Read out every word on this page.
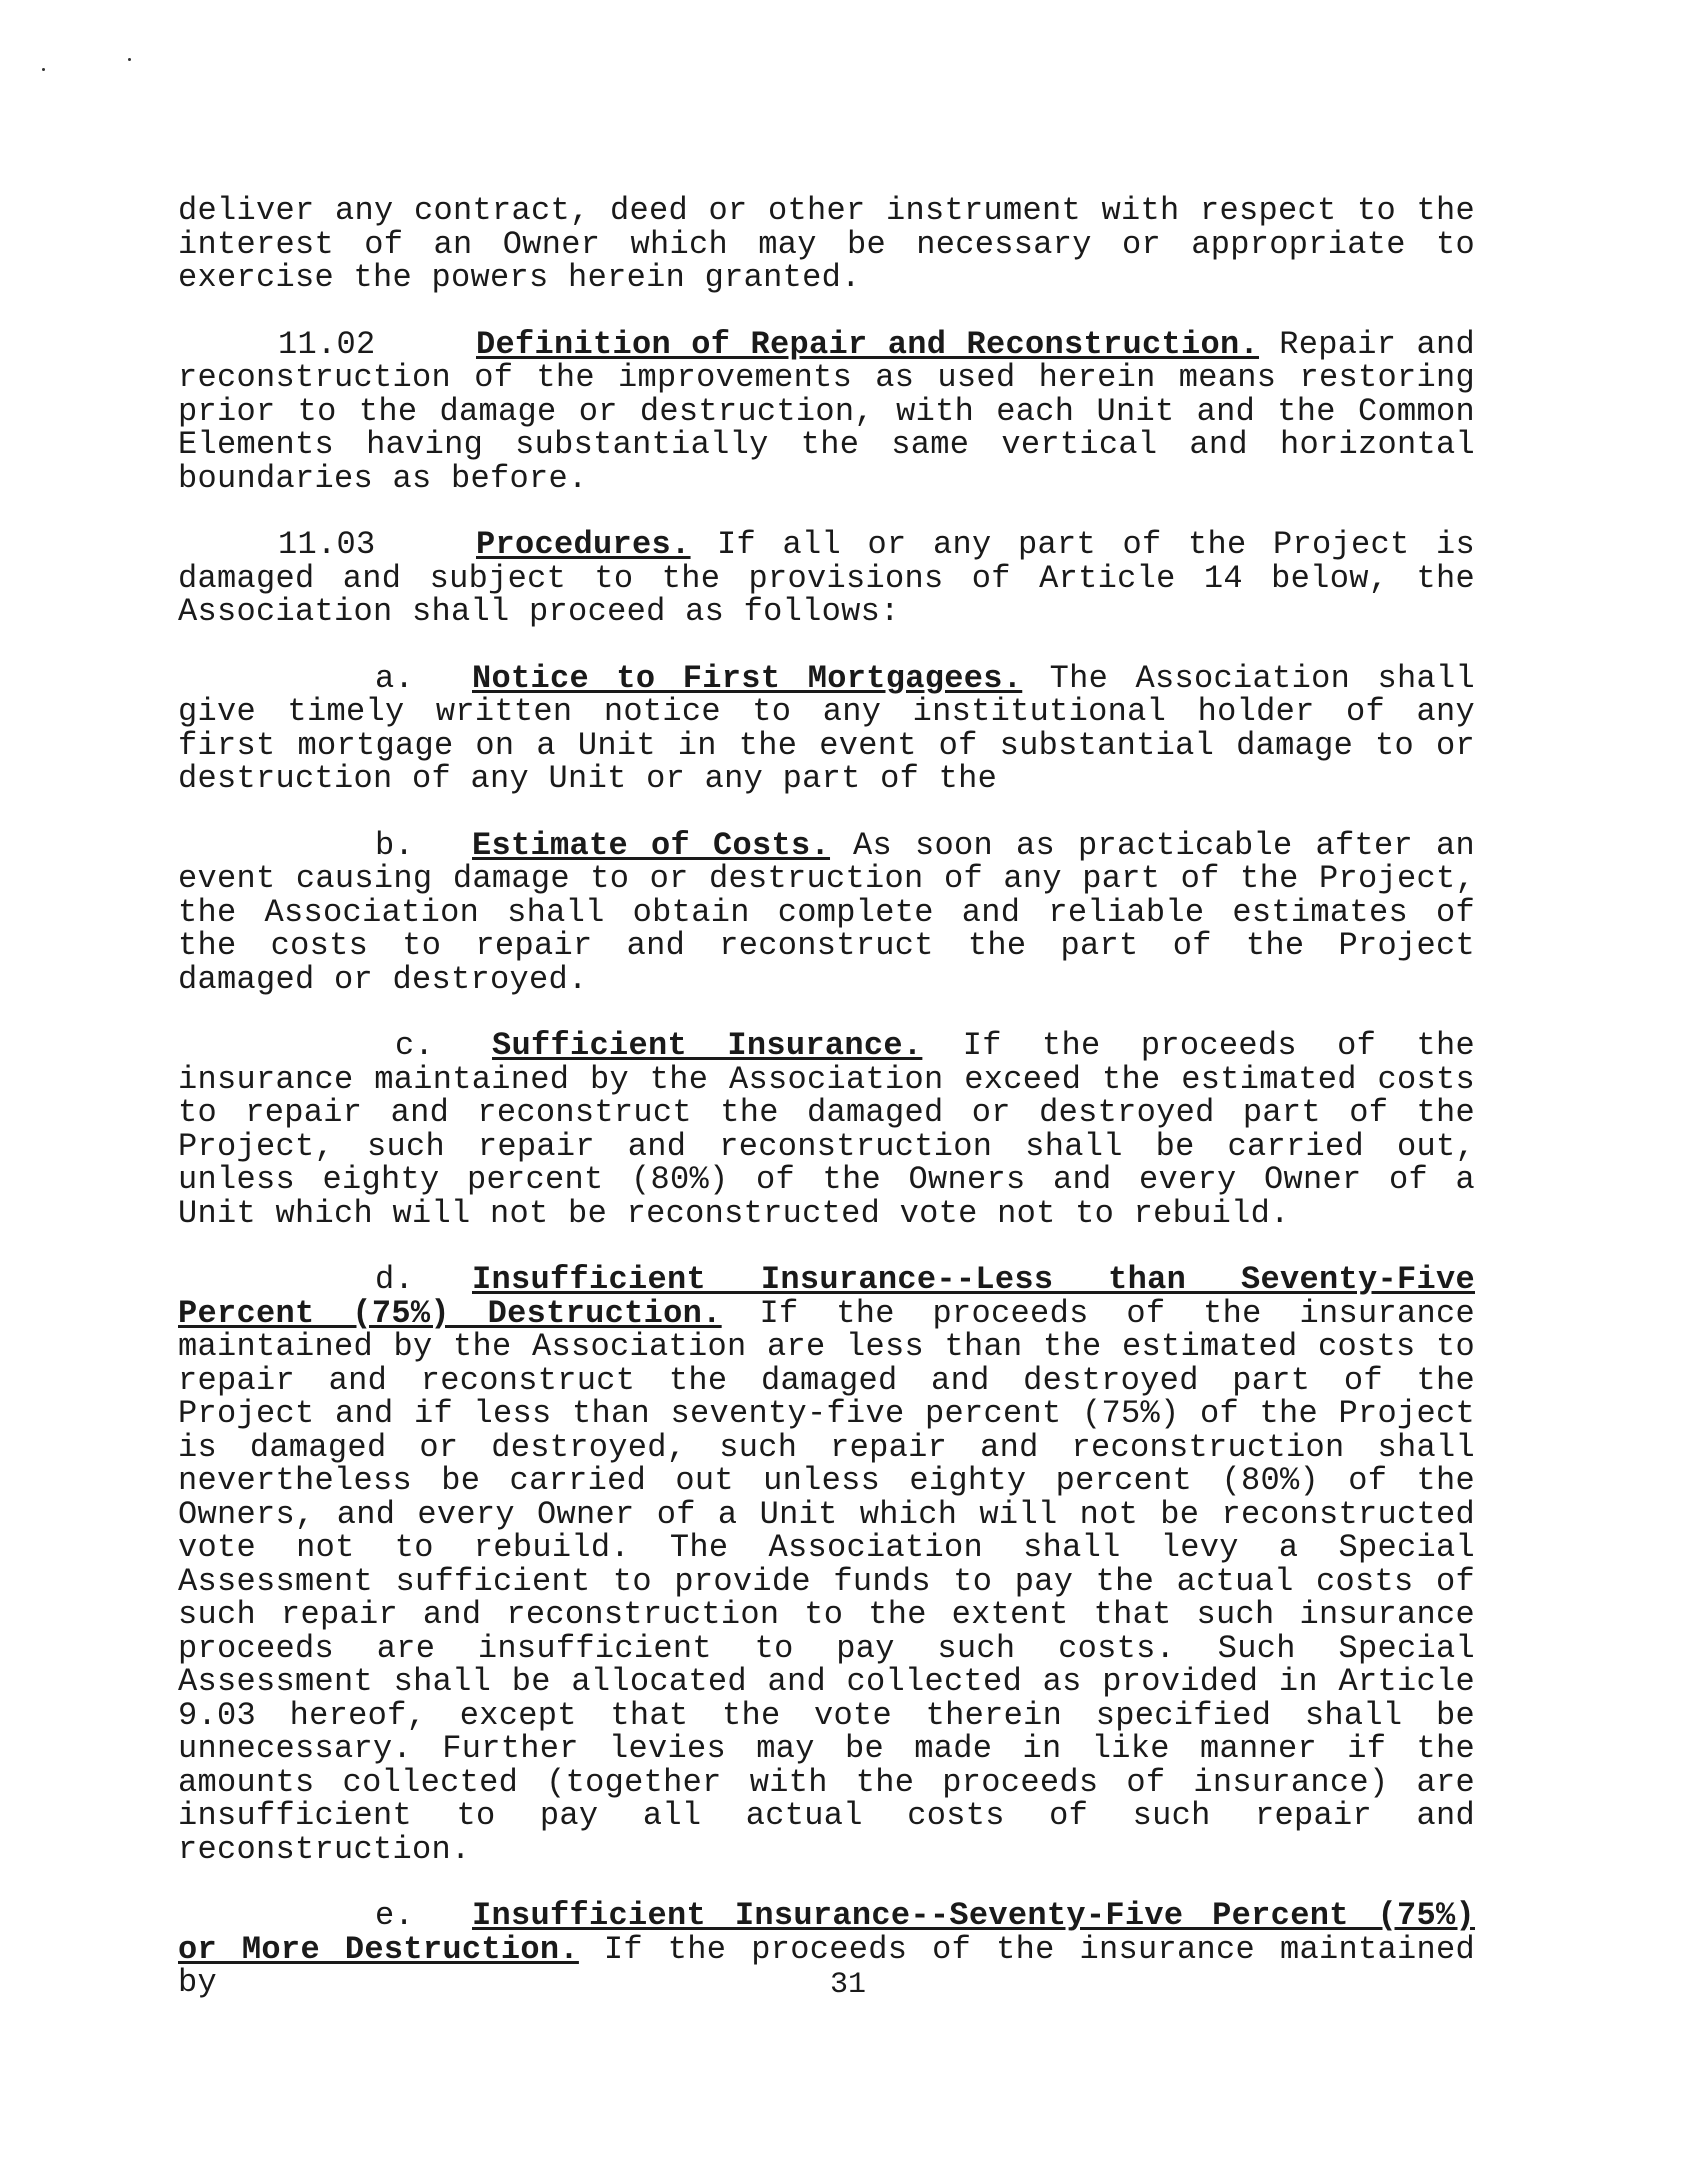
deliver any contract, deed or other instrument with respect to the interest of an Owner which may be necessary or appropriate to exercise the powers herein granted.

11.02	Definition of Repair and Reconstruction. Repair and reconstruction of the improvements as used herein means restoring prior to the damage or destruction, with each Unit and the Common Elements having substantially the same vertical and horizontal boundaries as before.

11.03	Procedures. If all or any part of the Project is damaged and subject to the provisions of Article 14 below, the Association shall proceed as follows:

a. Notice to First Mortgagees. The Association shall give timely written notice to any institutional holder of any first mortgage on a Unit in the event of substantial damage to or destruction of any Unit or any part of the

b. Estimate of Costs. As soon as practicable after an event causing damage to or destruction of any part of the Project, the Association shall obtain complete and reliable estimates of the costs to repair and reconstruct the part of the Project damaged or destroyed.

c. Sufficient Insurance. If the proceeds of the insurance maintained by the Association exceed the estimated costs to repair and reconstruct the damaged or destroyed part of the Project, such repair and reconstruction shall be carried out, unless eighty percent (80%) of the Owners and every Owner of a Unit which will not be reconstructed vote not to rebuild.

d. Insufficient Insurance--Less than Seventy-Five Percent (75%) Destruction. If the proceeds of the insurance maintained by the Association are less than the estimated costs to repair and reconstruct the damaged and destroyed part of the Project and if less than seventy-five percent (75%) of the Project is damaged or destroyed, such repair and reconstruction shall nevertheless be carried out unless eighty percent (80%) of the Owners, and every Owner of a Unit which will not be reconstructed vote not to rebuild. The Association shall levy a Special Assessment sufficient to provide funds to pay the actual costs of such repair and reconstruction to the extent that such insurance proceeds are insufficient to pay such costs. Such Special Assessment shall be allocated and collected as provided in Article 9.03 hereof, except that the vote therein specified shall be unnecessary. Further levies may be made in like manner if the amounts collected (together with the proceeds of insurance) are insufficient to pay all actual costs of such repair and reconstruction.

e. Insufficient Insurance--Seventy-Five Percent (75%) or More Destruction. If the proceeds of the insurance maintained by	31
